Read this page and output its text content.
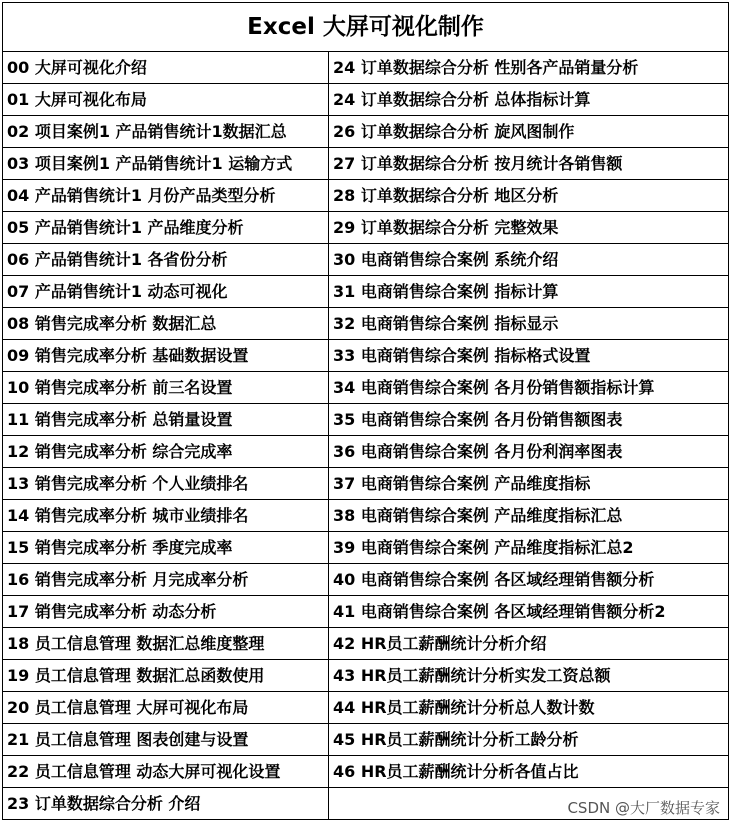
Excel 大屏可视化制作	
00 大屏可视化介绍	24 订单数据综合分析 性别各产品销量分析
01 大屏可视化布局	24 订单数据综合分析 总体指标计算
02 项目案例1 产品销售统计1数据汇总	26 订单数据综合分析 旋风图制作
03 项目案例1 产品销售统计1 运输方式	27 订单数据综合分析 按月统计各销售额
04 产品销售统计1 月份产品类型分析	28 订单数据综合分析 地区分析
05 产品销售统计1 产品维度分析	29 订单数据综合分析 完整效果
06 产品销售统计1 各省份分析	30 电商销售综合案例 系统介绍
07 产品销售统计1 动态可视化	31 电商销售综合案例 指标计算
08 销售完成率分析 数据汇总	32 电商销售综合案例 指标显示
09 销售完成率分析 基础数据设置	33 电商销售综合案例 指标格式设置
10 销售完成率分析 前三名设置	34 电商销售综合案例 各月份销售额指标计算
11 销售完成率分析 总销量设置	35 电商销售综合案例 各月份销售额图表
12 销售完成率分析 综合完成率	36 电商销售综合案例 各月份利润率图表
13 销售完成率分析 个人业绩排名	37 电商销售综合案例 产品维度指标
14 销售完成率分析 城市业绩排名	38 电商销售综合案例 产品维度指标汇总
15 销售完成率分析 季度完成率	39 电商销售综合案例 产品维度指标汇总2
16 销售完成率分析 月完成率分析	40 电商销售综合案例 各区域经理销售额分析
17 销售完成率分析 动态分析	41 电商销售综合案例 各区域经理销售额分析2
18 员工信息管理 数据汇总维度整理	42 HR员工薪酬统计分析介绍
19 员工信息管理 数据汇总函数使用	43 HR员工薪酬统计分析实发工资总额
20 员工信息管理 大屏可视化布局	44 HR员工薪酬统计分析总人数计数
21 员工信息管理 图表创建与设置	45 HR员工薪酬统计分析工龄分析
22 员工信息管理 动态大屏可视化设置	46 HR员工薪酬统计分析各值占比
23 订单数据综合分析 介绍		CSDN @大厂数据专家
